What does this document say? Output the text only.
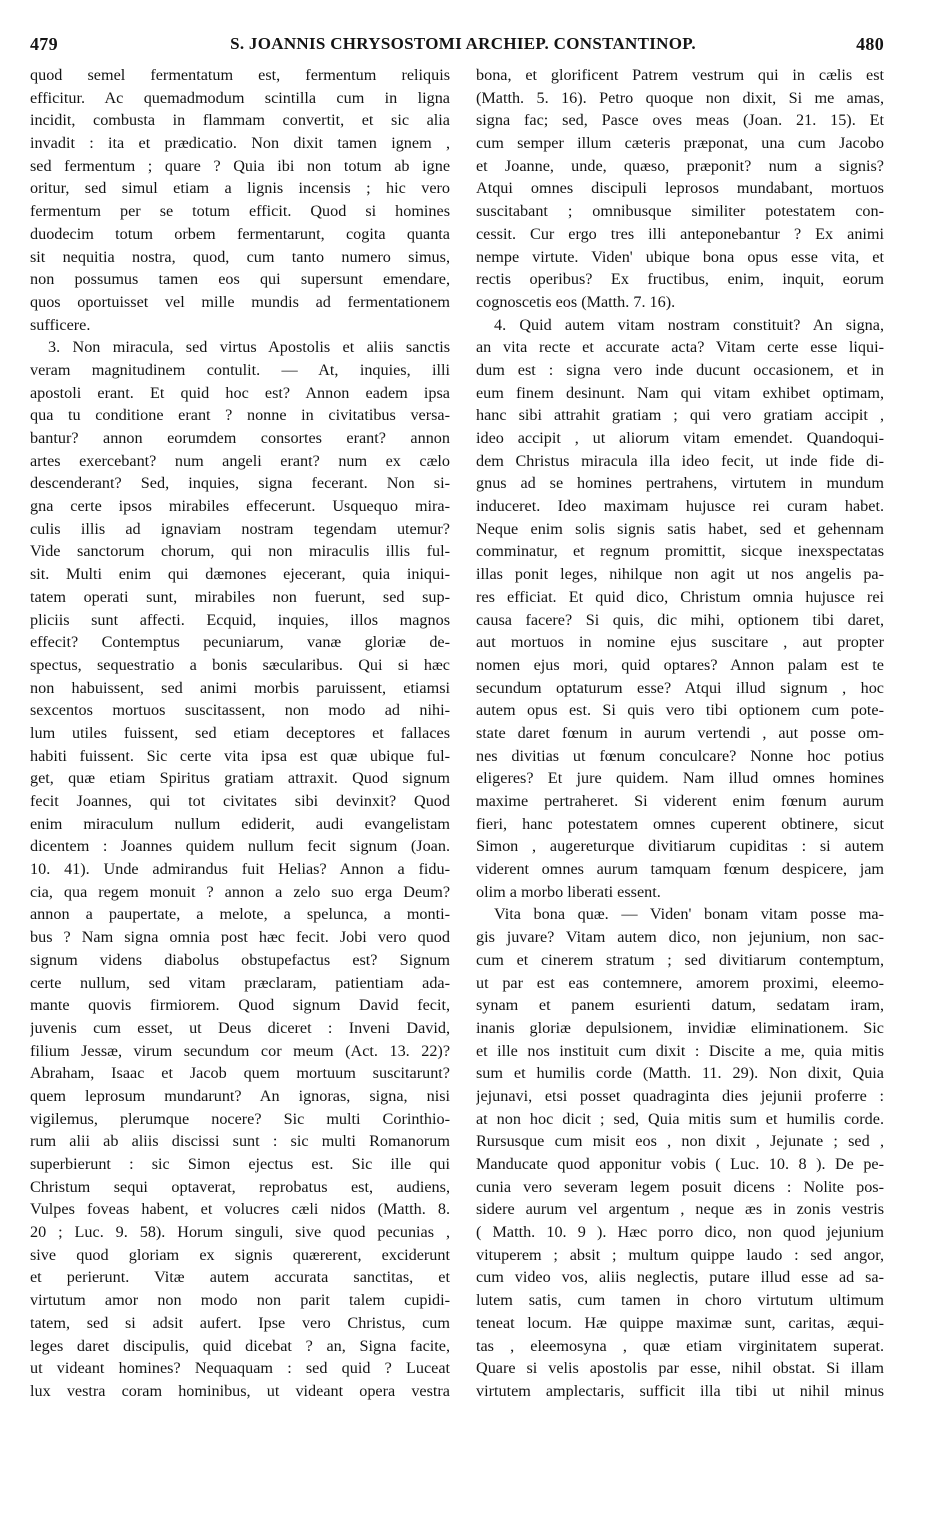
479	S. JOANNIS CHRYSOSTOMI ARCHIEP. CONSTANTINOP.	480
quod semel fermentatum est, fermentum reliquis
efficitur. Ac quemadmodum scintilla cum in ligna
incidit, combusta in flammam convertit, et sic alia
invadit : ita et prædicatio. Non dixit tamen ignem ,
sed fermentum ; quare ? Quia ibi non totum ab igne
oritur, sed simul etiam a lignis incensis ; hic vero
fermentum per se totum efficit. Quod si homines
duodecim totum orbem fermentarunt, cogita quanta
sit nequitia nostra, quod, cum tanto numero simus,
non possumus tamen eos qui supersunt emendare,
quos oportuisset vel mille mundis ad fermentationem
sufficere.
3. Non miracula, sed virtus Apostolis et aliis sanctis
veram magnitudinem contulit. — At, inquies, illi
apostoli erant. Et quid hoc est? Annon eadem ipsa
qua tu conditione erant ? nonne in civitatibus versa-
bantur? annon eorumdem consortes erant? annon
artes exercebant? num angeli erant? num ex cælo
descenderant? Sed, inquies, signa fecerant. Non si-
gna certe ipsos mirabiles effecerunt. Usquequo mira-
culis illis ad ignaviam nostram tegendam utemur?
Vide sanctorum chorum, qui non miraculis illis ful-
sit. Multi enim qui dæmones ejecerant, quia iniqui-
tatem operati sunt, mirabiles non fuerunt, sed sup-
pliciis sunt affecti. Ecquid, inquies, illos magnos
effecit? Contemptus pecuniarum, vanæ gloriæ de-
spectus, sequestratio a bonis sæcularibus. Qui si hæc
non habuissent, sed animi morbis paruissent, etiamsi
sexcentos mortuos suscitassent, non modo ad nihi-
lum utiles fuissent, sed etiam deceptores et fallaces
habiti fuissent. Sic certe vita ipsa est quæ ubique ful-
get, quæ etiam Spiritus gratiam attraxit. Quod signum
fecit Joannes, qui tot civitates sibi devinxit? Quod
enim miraculum nullum ediderit, audi evangelistam
dicentem : Joannes quidem nullum fecit signum (Joan.
10. 41). Unde admirandus fuit Helias? Annon a fidu-
cia, qua regem monuit ? annon a zelo suo erga Deum?
annon a paupertate, a melote, a spelunca, a monti-
bus ? Nam signa omnia post hæc fecit. Jobi vero quod
signum videns diabolus obstupefactus est? Signum
certe nullum, sed vitam præclaram, patientiam ada-
mante quovis firmiorem. Quod signum David fecit,
juvenis cum esset, ut Deus diceret : Inveni David,
filium Jessæ, virum secundum cor meum (Act. 13. 22)?
Abraham, Isaac et Jacob quem mortuum suscitarunt?
quem leprosum mundarunt? An ignoras, signa, nisi
vigilemus, plerumque nocere? Sic multi Corinthio-
rum alii ab aliis discissi sunt : sic multi Romanorum
superbierunt : sic Simon ejectus est. Sic ille qui
Christum sequi optaverat, reprobatus est, audiens,
Vulpes foveas habent, et volucres cæli nidos (Matth. 8.
20 ; Luc. 9. 58). Horum singuli, sive quod pecunias ,
sive quod gloriam ex signis quærerent, exciderunt
et perierunt. Vitæ autem accurata sanctitas, et
virtutum amor non modo non parit talem cupidi-
tatem, sed si adsit aufert. Ipse vero Christus, cum
leges daret discipulis, quid dicebat ? an, Signa facite,
ut videant homines? Nequaquam : sed quid ? Luceat
lux vestra coram hominibus, ut videant opera vestra
bona, et glorificent Patrem vestrum qui in cælis est
(Matth. 5. 16). Petro quoque non dixit, Si me amas,
signa fac; sed, Pasce oves meas (Joan. 21. 15). Et
cum semper illum cæteris præponat, una cum Jacobo
et Joanne, unde, quæso, præponit? num a signis?
Atqui omnes discipuli leprosos mundabant, mortuos
suscitabant ; omnibusque similiter potestatem con-
cessit. Cur ergo tres illi anteponebantur ? Ex animi
nempe virtute. Viden' ubique bona opus esse vita, et
rectis operibus? Ex fructibus, enim, inquit, eorum
cognoscetis eos (Matth. 7. 16).
4. Quid autem vitam nostram constituit? An signa,
an vita recte et accurate acta? Vitam certe esse liqui-
dum est : signa vero inde ducunt occasionem, et in
eum finem desinunt. Nam qui vitam exhibet optimam,
hanc sibi attrahit gratiam ; qui vero gratiam accipit ,
ideo accipit , ut aliorum vitam emendet. Quandoqui-
dem Christus miracula illa ideo fecit, ut inde fide di-
gnus ad se homines pertrahens, virtutem in mundum
induceret. Ideo maximam hujusce rei curam habet.
Neque enim solis signis satis habet, sed et gehennam
comminatur, et regnum promittit, sicque inexspectatas
illas ponit leges, nihilque non agit ut nos angelis pa-
res efficiat. Et quid dico, Christum omnia hujusce rei
causa facere? Si quis, dic mihi, optionem tibi daret,
aut mortuos in nomine ejus suscitare , aut propter
nomen ejus mori, quid optares? Annon palam est te
secundum optaturum esse? Atqui illud signum , hoc
autem opus est. Si quis vero tibi optionem cum pote-
state daret fœnum in aurum vertendi , aut posse om-
nes divitias ut fœnum conculcare? Nonne hoc potius
eligeres? Et jure quidem. Nam illud omnes homines
maxime pertraheret. Si viderent enim fœnum aurum
fieri, hanc potestatem omnes cuperent obtinere, sicut
Simon , augereturque divitiarum cupiditas : si autem
viderent omnes aurum tamquam fœnum despicere, jam
olim a morbo liberati essent.
Vita bona quæ. — Viden' bonam vitam posse ma-
gis juvare? Vitam autem dico, non jejunium, non sac-
cum et cinerem stratum ; sed divitiarum contemptum,
ut par est eas contemnere, amorem proximi, eleemo-
synam et panem esurienti datum, sedatam iram,
inanis gloriæ depulsionem, invidiæ eliminationem. Sic
et ille nos instituit cum dixit : Discite a me, quia mitis
sum et humilis corde (Matth. 11. 29). Non dixit, Quia
jejunavi, etsi posset quadraginta dies jejunii proferre :
at non hoc dicit ; sed, Quia mitis sum et humilis corde.
Rursusque cum misit eos , non dixit , Jejunate ; sed ,
Manducate quod apponitur vobis ( Luc. 10. 8 ). De pe-
cunia vero severam legem posuit dicens : Nolite pos-
sidere aurum vel argentum , neque æs in zonis vestris
( Matth. 10. 9 ). Hæc porro dico, non quod jejunium
vituperem ; absit ; multum quippe laudo : sed angor,
cum video vos, aliis neglectis, putare illud esse ad sa-
lutem satis, cum tamen in choro virtutum ultimum
teneat locum. Hæ quippe maximæ sunt, caritas, æqui-
tas , eleemosyna , quæ etiam virginitatem superat.
Quare si velis apostolis par esse, nihil obstat. Si illam
virtutem amplectaris, sufficit illa tibi ut nihil minus
